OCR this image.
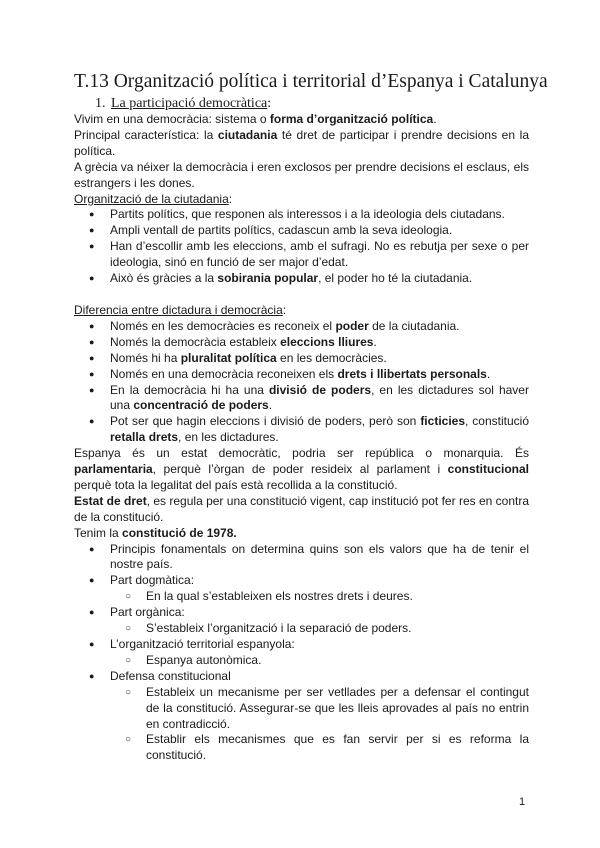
T.13 Organització política i territorial d’Espanya i Catalunya
1. La participació democràtica:

Vivim en una democràcia: sistema o forma d’organització política.

Principal característica: la ciutadania té dret de participar i prendre decisions en la política.

A grècia va néixer la democràcia i eren exclosos per prendre decisions el esclaus, els estrangers i les dones.

Organització de la ciutadania:

● Partits polítics, que responen als interessos i a la ideologia dels ciutadans.
● Ampli ventall de partits polítics, cadascun amb la seva ideologia.
● Han d’escollir amb les eleccions, amb el sufragi. No es rebutja per sexe o per ideologia, sinó en funció de ser major d’edat.
● Això és gràcies a la sobirania popular, el poder ho té la ciutadania.

Diferencia entre dictadura i democràcia:

● Només en les democràcies es reconeix el poder de la ciutadania.
● Només la democràcia estableix eleccions lliures.
● Només hi ha pluralitat política en les democràcies.
● Només en una democràcia reconeixen els drets i llibertats personals.
● En la democràcia hi ha una divisió de poders, en les dictadures sol haver una concentració de poders.
● Pot ser que hagin eleccions i divisió de poders, però son ficticies, constitució retalla drets, en les dictadures.

Espanya és un estat democràtic, podria ser república o monarquia. És parlamentaria, perquè l’òrgan de poder resideix al parlament i constitucional perquè tota la legalitat del país està recollida a la constitució.

Estat de dret, es regula per una constitució vigent, cap institució pot fer res en contra de la constitució.

Tenim la constitució de 1978.

● Principis fonamentals on determina quins son els valors que ha de tenir el nostre país.
● Part dogmàtica:
○ En la qual s’estableixen els nostres drets i deures.
● Part orgànica:
○ S’estableix l’organització i la separació de poders.
● L’organització territorial espanyola:
○ Espanya autonòmica.
● Defensa constitucional
○ Estableix un mecanisme per ser vetllades per a defensar el contingut de la constitució. Assegurar-se que les lleis aprovades al país no entrin en contradicció.
○ Establir els mecanismes que es fan servir per si es reforma la constitució.
1
